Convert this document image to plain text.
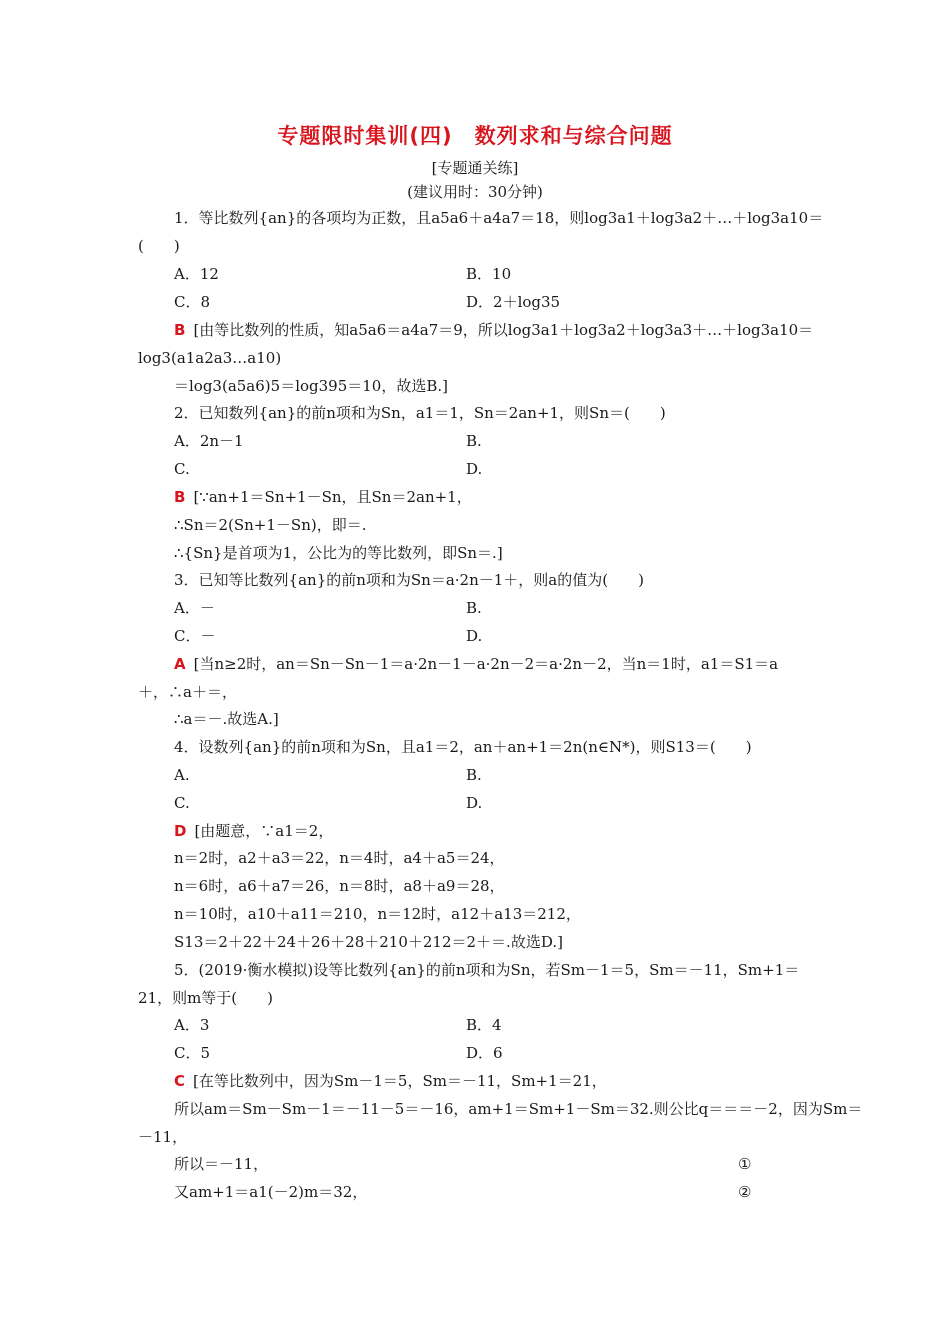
专题限时集训(四)　数列求和与综合问题
[专题通关练]
(建议用时：30分钟)
1．等比数列{an}的各项均为正数，且a5a6＋a4a7＝18，则log3a1＋log3a2＋…＋log3a10＝
(　　)
A．12	B．10
C．8	D．2＋log35
B [由等比数列的性质，知a5a6＝a4a7＝9，所以log3a1＋log3a2＋log3a3＋…＋log3a10＝
log3(a1a2a3…a10)
＝log3(a5a6)5＝log395＝10，故选B.]
2．已知数列{an}的前n项和为Sn，a1＝1，Sn＝2an+1，则Sn＝(　　)
A．2n－1	B.
C.	D.
B [∵an+1＝Sn+1－Sn，且Sn＝2an+1，
∴Sn＝2(Sn+1－Sn)，即＝.
∴{Sn}是首项为1，公比为的等比数列，即Sn＝.]
3．已知等比数列{an}的前n项和为Sn＝a·2n－1＋，则a的值为(　　)
A．－	B.
C．－	D.
A [当n≥2时，an＝Sn－Sn－1＝a·2n－1－a·2n－2＝a·2n－2，当n＝1时，a1＝S1＝a
＋，∴a＋＝，
∴a＝－.故选A.]
4．设数列{an}的前n项和为Sn，且a1＝2，an＋an+1＝2n(n∈N*)，则S13＝(　　)
A.	B.
C.	D.
D [由题意，∵a1＝2，
n＝2时，a2＋a3＝22，n＝4时，a4＋a5＝24，
n＝6时，a6＋a7＝26，n＝8时，a8＋a9＝28，
n＝10时，a10＋a11＝210，n＝12时，a12＋a13＝212，
S13＝2＋22＋24＋26＋28＋210＋212＝2＋＝.故选D.]
5．(2019·衡水模拟)设等比数列{an}的前n项和为Sn，若Sm－1＝5，Sm＝－11，Sm+1＝
21，则m等于(　　)
A．3	B．4
C．5	D．6
C [在等比数列中，因为Sm－1＝5，Sm＝－11，Sm+1＝21，
所以am＝Sm－Sm－1＝－11－5＝－16，am+1＝Sm+1－Sm＝32.则公比q＝＝＝－2，因为Sm＝
－11，
所以＝－11，	①
又am+1＝a1(－2)m＝32，	②
